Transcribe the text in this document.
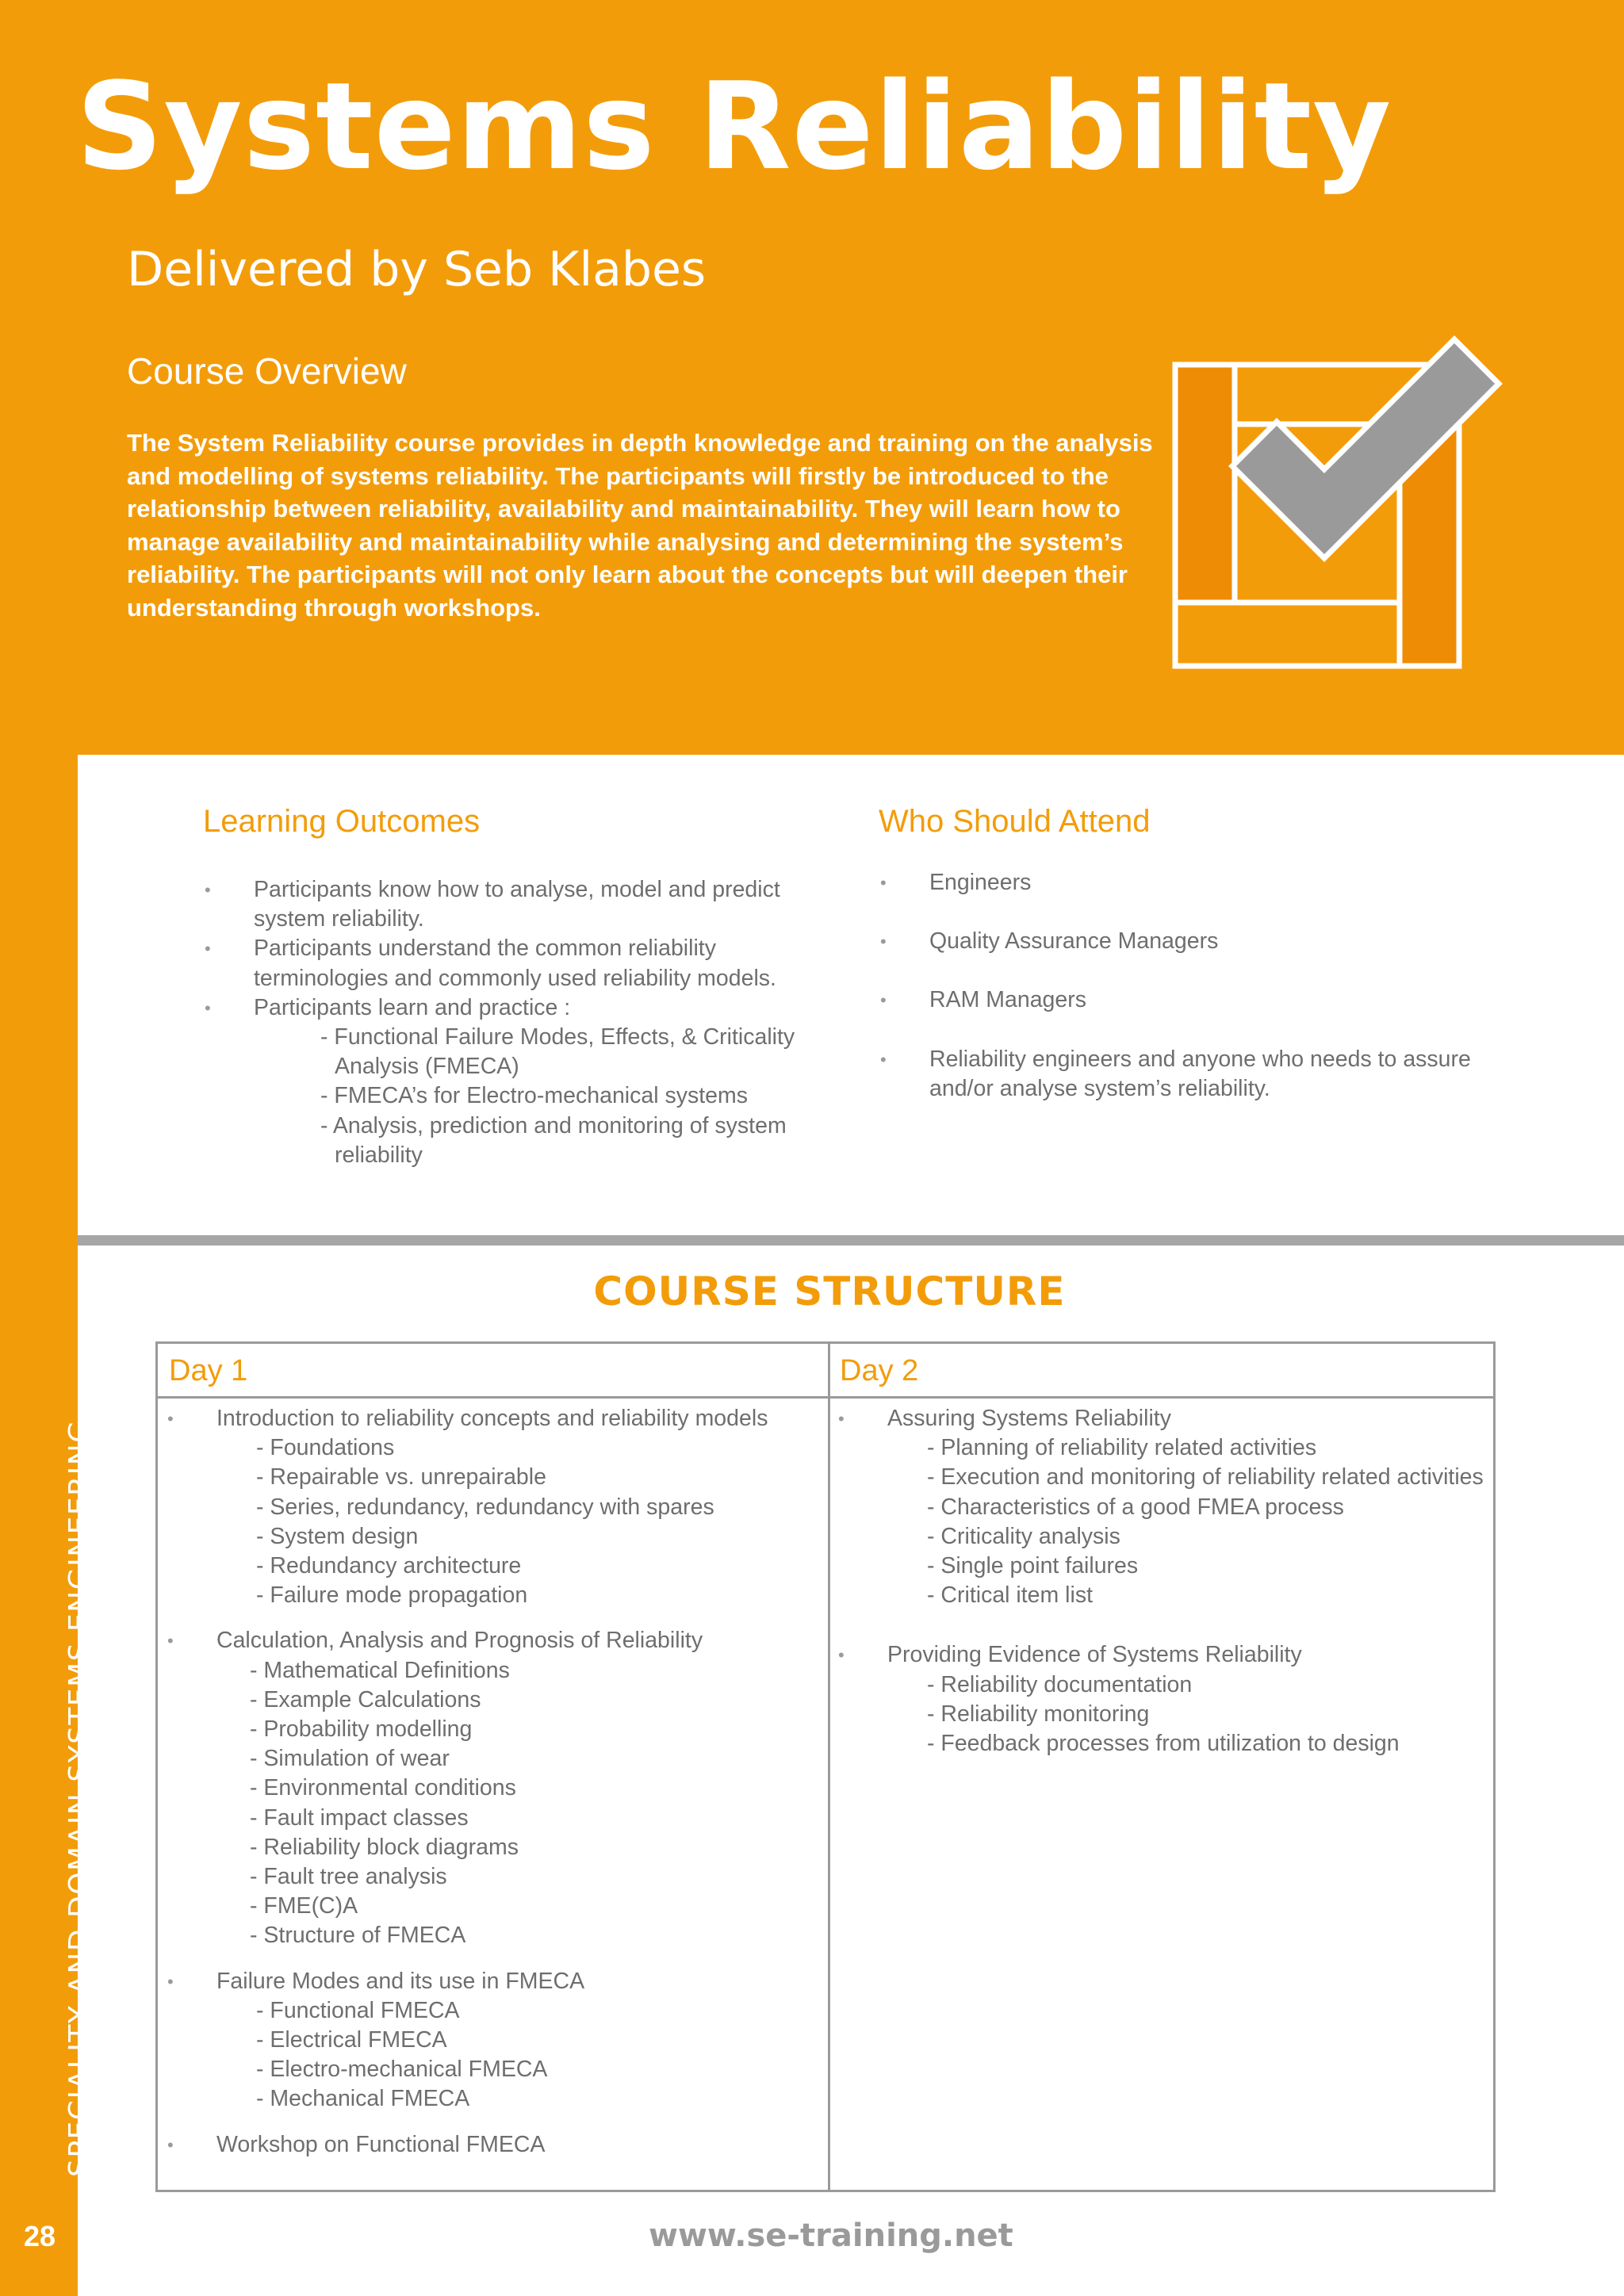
Systems Reliability
Delivered by Seb Klabes
Course Overview
The System Reliability course provides in depth knowledge and training on the analysis and modelling of systems reliability. The participants will firstly be introduced to the relationship between reliability, availability and maintainability. They will learn how to manage availability and maintainability while analysing and determining the system’s reliability. The participants will not only learn about the concepts but will deepen their understanding through workshops.
Learning Outcomes
• Participants know how to analyse, model and predict system reliability.
• Participants understand the common reliability terminologies and commonly used reliability models.
• Participants learn and practice :
- Functional Failure Modes, Effects, & Criticality Analysis (FMECA)
- FMECA’s for Electro-mechanical systems
- Analysis, prediction and monitoring of system reliability
Who Should Attend
• Engineers
• Quality Assurance Managers
• RAM Managers
• Reliability engineers and anyone who needs to assure and/or analyse system’s reliability.
COURSE STRUCTURE
Day 1	Day 2
• Introduction to reliability concepts and reliability models
- Foundations
- Repairable vs. unrepairable
- Series, redundancy, redundancy with spares
- System design
- Redundancy architecture
- Failure mode propagation
• Calculation, Analysis and Prognosis of Reliability
- Mathematical Definitions
- Example Calculations
- Probability modelling
- Simulation of wear
- Environmental conditions
- Fault impact classes
- Reliability block diagrams
- Fault tree analysis
- FME(C)A
- Structure of FMECA
• Failure Modes and its use in FMECA
- Functional FMECA
- Electrical FMECA
- Electro-mechanical FMECA
- Mechanical FMECA
• Workshop on Functional FMECA
• Assuring Systems Reliability
- Planning of reliability related activities
- Execution and monitoring of reliability related activities
- Characteristics of a good FMEA process
- Criticality analysis
- Single point failures
- Critical item list
• Providing Evidence of Systems Reliability
- Reliability documentation
- Reliability monitoring
- Feedback processes from utilization to design
www.se-training.net
SPECIALITY AND DOMAIN SYSTEMS ENGINEERING
28
